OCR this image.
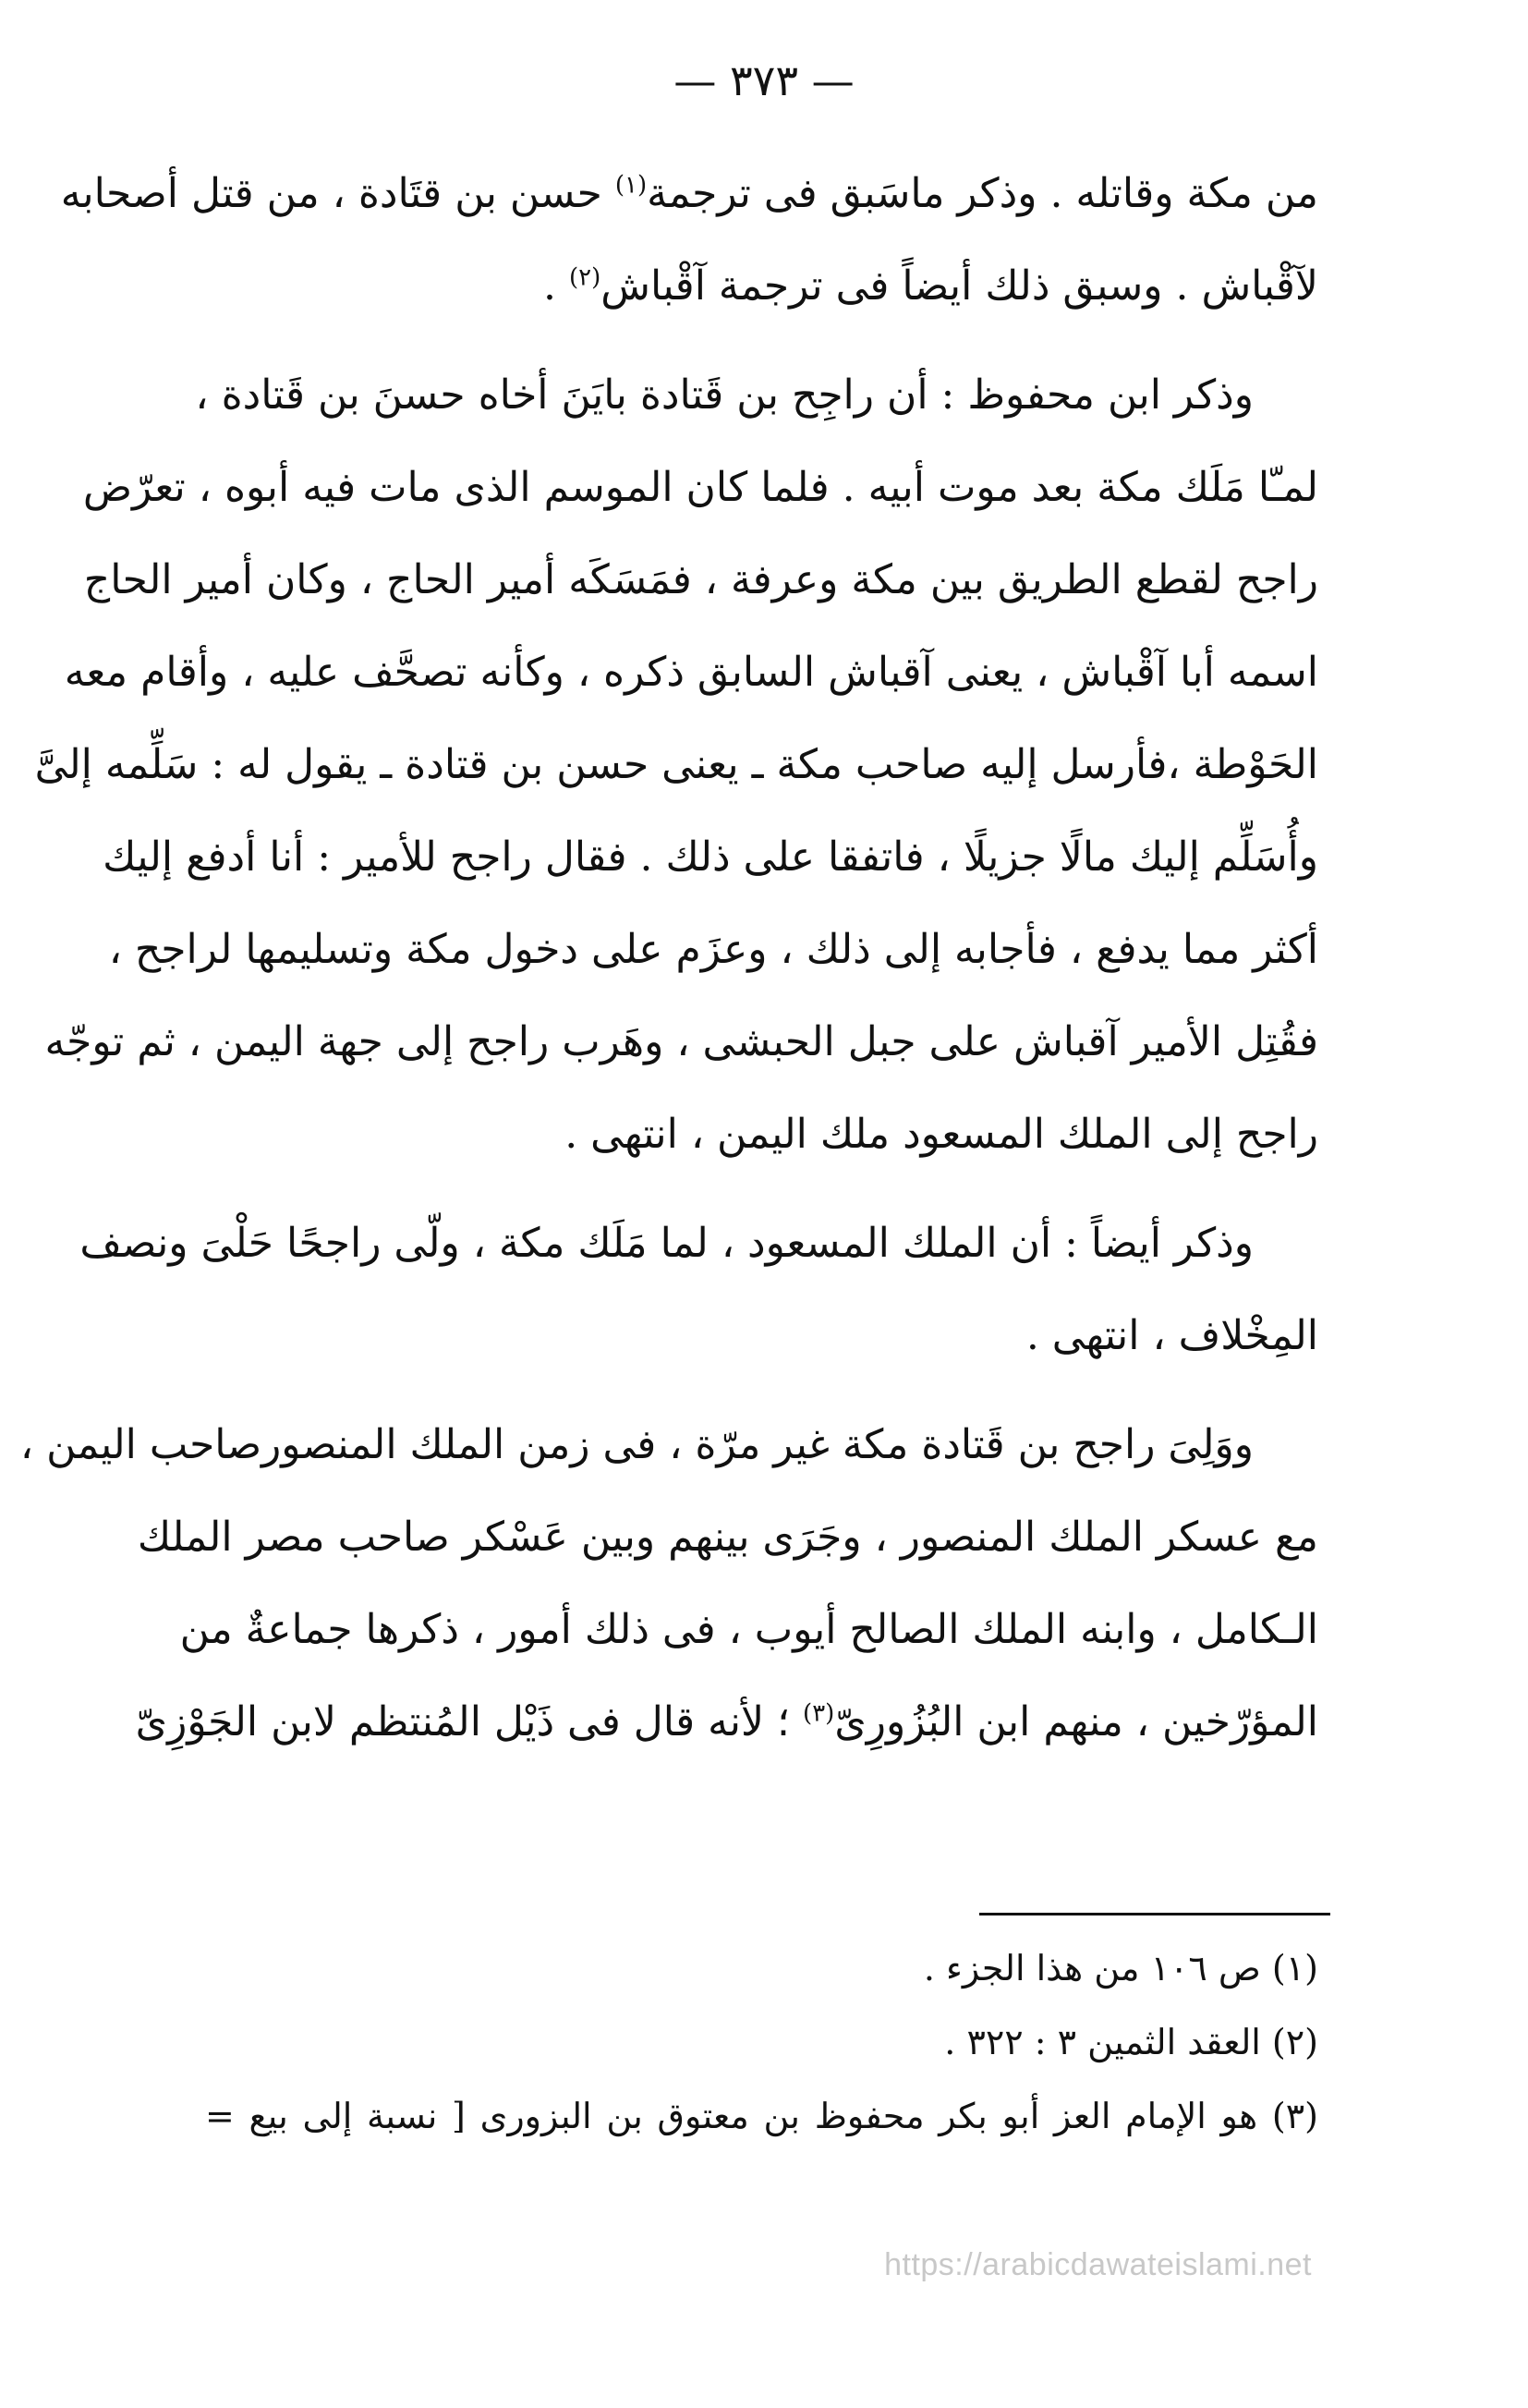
— ٣٧٣ —

من مكة وقاتله . وذكر ماسَبق فى ترجمة$^{(١)}$ حسن بن قتَادة ، من قتل أصحابه
لآقْباش . وسبق ذلك أيضاً فى ترجمة آقْباش$^{(٢)}$ .

وذكر ابن محفوظ : أن راجِح بن قَتادة بايَنَ أخاه حسنَ بن قَتادة ،
لمـّا مَلَك مكة بعد موت أبيه . فلما كان الموسم الذى مات فيه أبوه ، تعرّض
راجح لقطع الطريق بين مكة وعرفة ، فمَسَكَه أمير الحاج ، وكان أمير الحاج
اسمه أبا آقْباش ، يعنى آقباش السابق ذكره ، وكأنه تصحَّف عليه ، وأقام معه
الحَوْطة ،فأرسل إليه صاحب مكة ـ يعنى حسن بن قتادة ـ يقول له : سَلِّمه إلىَّ
وأُسَلِّم إليك مالًا جزيلًا ، فاتفقا على ذلك . فقال راجح للأمير : أنا أدفع إليك
أكثر مما يدفع ، فأجابه إلى ذلك ، وعزَم على دخول مكة وتسليمها لراجح ،
فقُتِل الأمير آقباش على جبل الحبشى ، وهَرب راجح إلى جهة اليمن ، ثم توجّه
راجح إلى الملك المسعود ملك اليمن ، انتهى .

وذكر أيضاً : أن الملك المسعود ، لما مَلَك مكة ، ولّى راجحًا حَلْىَ ونصف
المِخْلاف ، انتهى .

ووَلِىَ راجح بن قَتادة مكة غير مرّة ، فى زمن الملك المنصورصاحب اليمن ،
مع عسكر الملك المنصور ، وجَرَى بينهم وبين عَسْكر صاحب مصر الملك
الـكامل ، وابنه الملك الصالح أيوب ، فى ذلك أمور ، ذكرها جماعةٌ من
المؤرّخين ، منهم ابن البُزُورِىّ$^{(٣)}$ ؛ لأنه قال فى ذَيْل المُنتظم لابن الجَوْزِىّ

(١) ص ١٠٦ من هذا الجزء .
(٢) العقد الثمين ٣ : ٣٢٢ .
(٣) هو الإمام العز أبو بكر محفوظ بن معتوق بن البزورى [ نسبة إلى بيع =
https://arabicdawateislami.net
